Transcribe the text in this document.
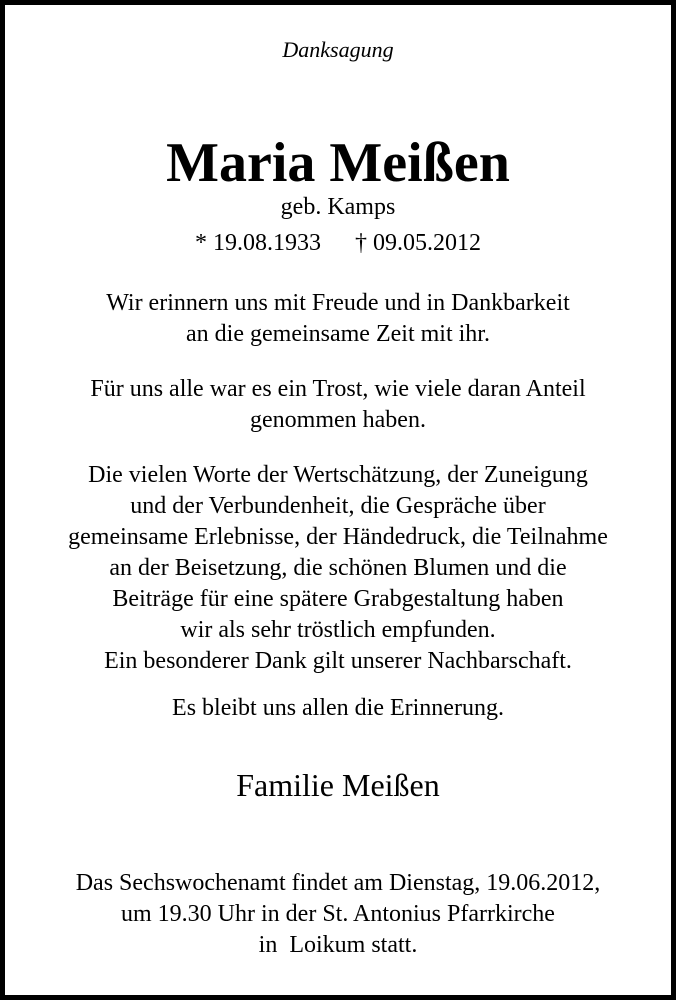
Danksagung
Maria Meißen
geb. Kamps
* 19.08.1933 † 09.05.2012
Wir erinnern uns mit Freude und in Dankbarkeit
an die gemeinsame Zeit mit ihr.
Für uns alle war es ein Trost, wie viele daran Anteil
genommen haben.
Die vielen Worte der Wertschätzung, der Zuneigung
und der Verbundenheit, die Gespräche über
gemeinsame Erlebnisse, der Händedruck, die Teilnahme
an der Beisetzung, die schönen Blumen und die
Beiträge für eine spätere Grabgestaltung haben
wir als sehr tröstlich empfunden.
Ein besonderer Dank gilt unserer Nachbarschaft.
Es bleibt uns allen die Erinnerung.
Familie Meißen
Das Sechswochenamt findet am Dienstag, 19.06.2012,
um 19.30 Uhr in der St. Antonius Pfarrkirche
in  Loikum statt.
